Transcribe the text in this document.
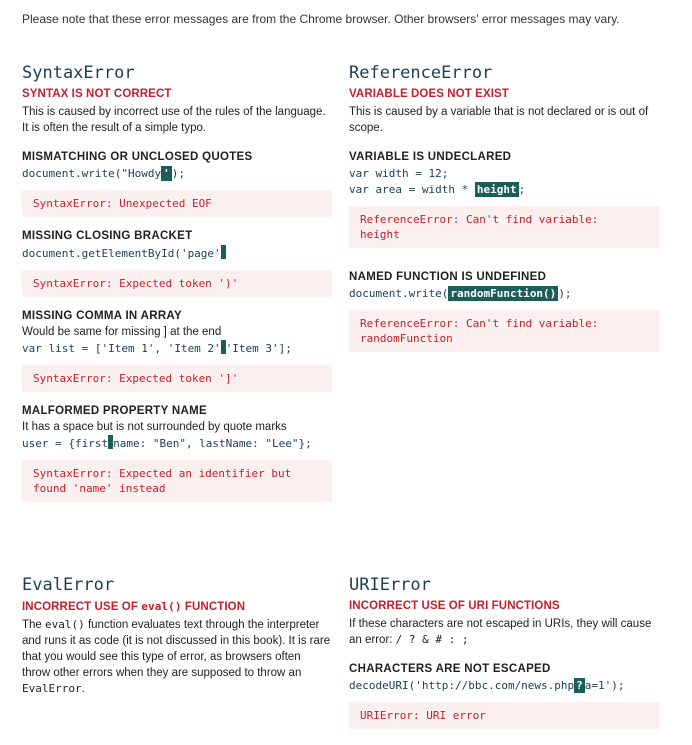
Please note that these error messages are from the Chrome browser. Other browsers' error messages may vary.
SyntaxError
SYNTAX IS NOT CORRECT
This is caused by incorrect use of the rules of the language. It is often the result of a simple typo.
MISMATCHING OR UNCLOSED QUOTES
document.write("Howdy ' );
SyntaxError: Unexpected EOF
MISSING CLOSING BRACKET
document.getElementById('page'
SyntaxError: Expected token ')'
MISSING COMMA IN ARRAY
Would be same for missing ] at the end
var list = ['Item 1', 'Item 2' 'Item 3'];
SyntaxError: Expected token ']'
MALFORMED PROPERTY NAME
It has a space but is not surrounded by quote marks
user = {first name: "Ben", lastName: "Lee"};
SyntaxError: Expected an identifier but
found 'name' instead
ReferenceError
VARIABLE DOES NOT EXIST
This is caused by a variable that is not declared or is out of scope.
VARIABLE IS UNDECLARED
var width = 12;
var area = width * height ;
ReferenceError: Can't find variable:
height
NAMED FUNCTION IS UNDEFINED
document.write( randomFunction() );
ReferenceError: Can't find variable:
randomFunction
EvalError
INCORRECT USE OF eval() FUNCTION
The eval() function evaluates text through the interpreter and runs it as code (it is not discussed in this book). It is rare that you would see this type of error, as browsers often throw other errors when they are supposed to throw an EvalError.
URIError
INCORRECT USE OF URI FUNCTIONS
If these characters are not escaped in URIs, they will cause an error: / ? & # : ;
CHARACTERS ARE NOT ESCAPED
decodeURI('http://bbc.com/news.php ? a=1');
URIError: URI error
